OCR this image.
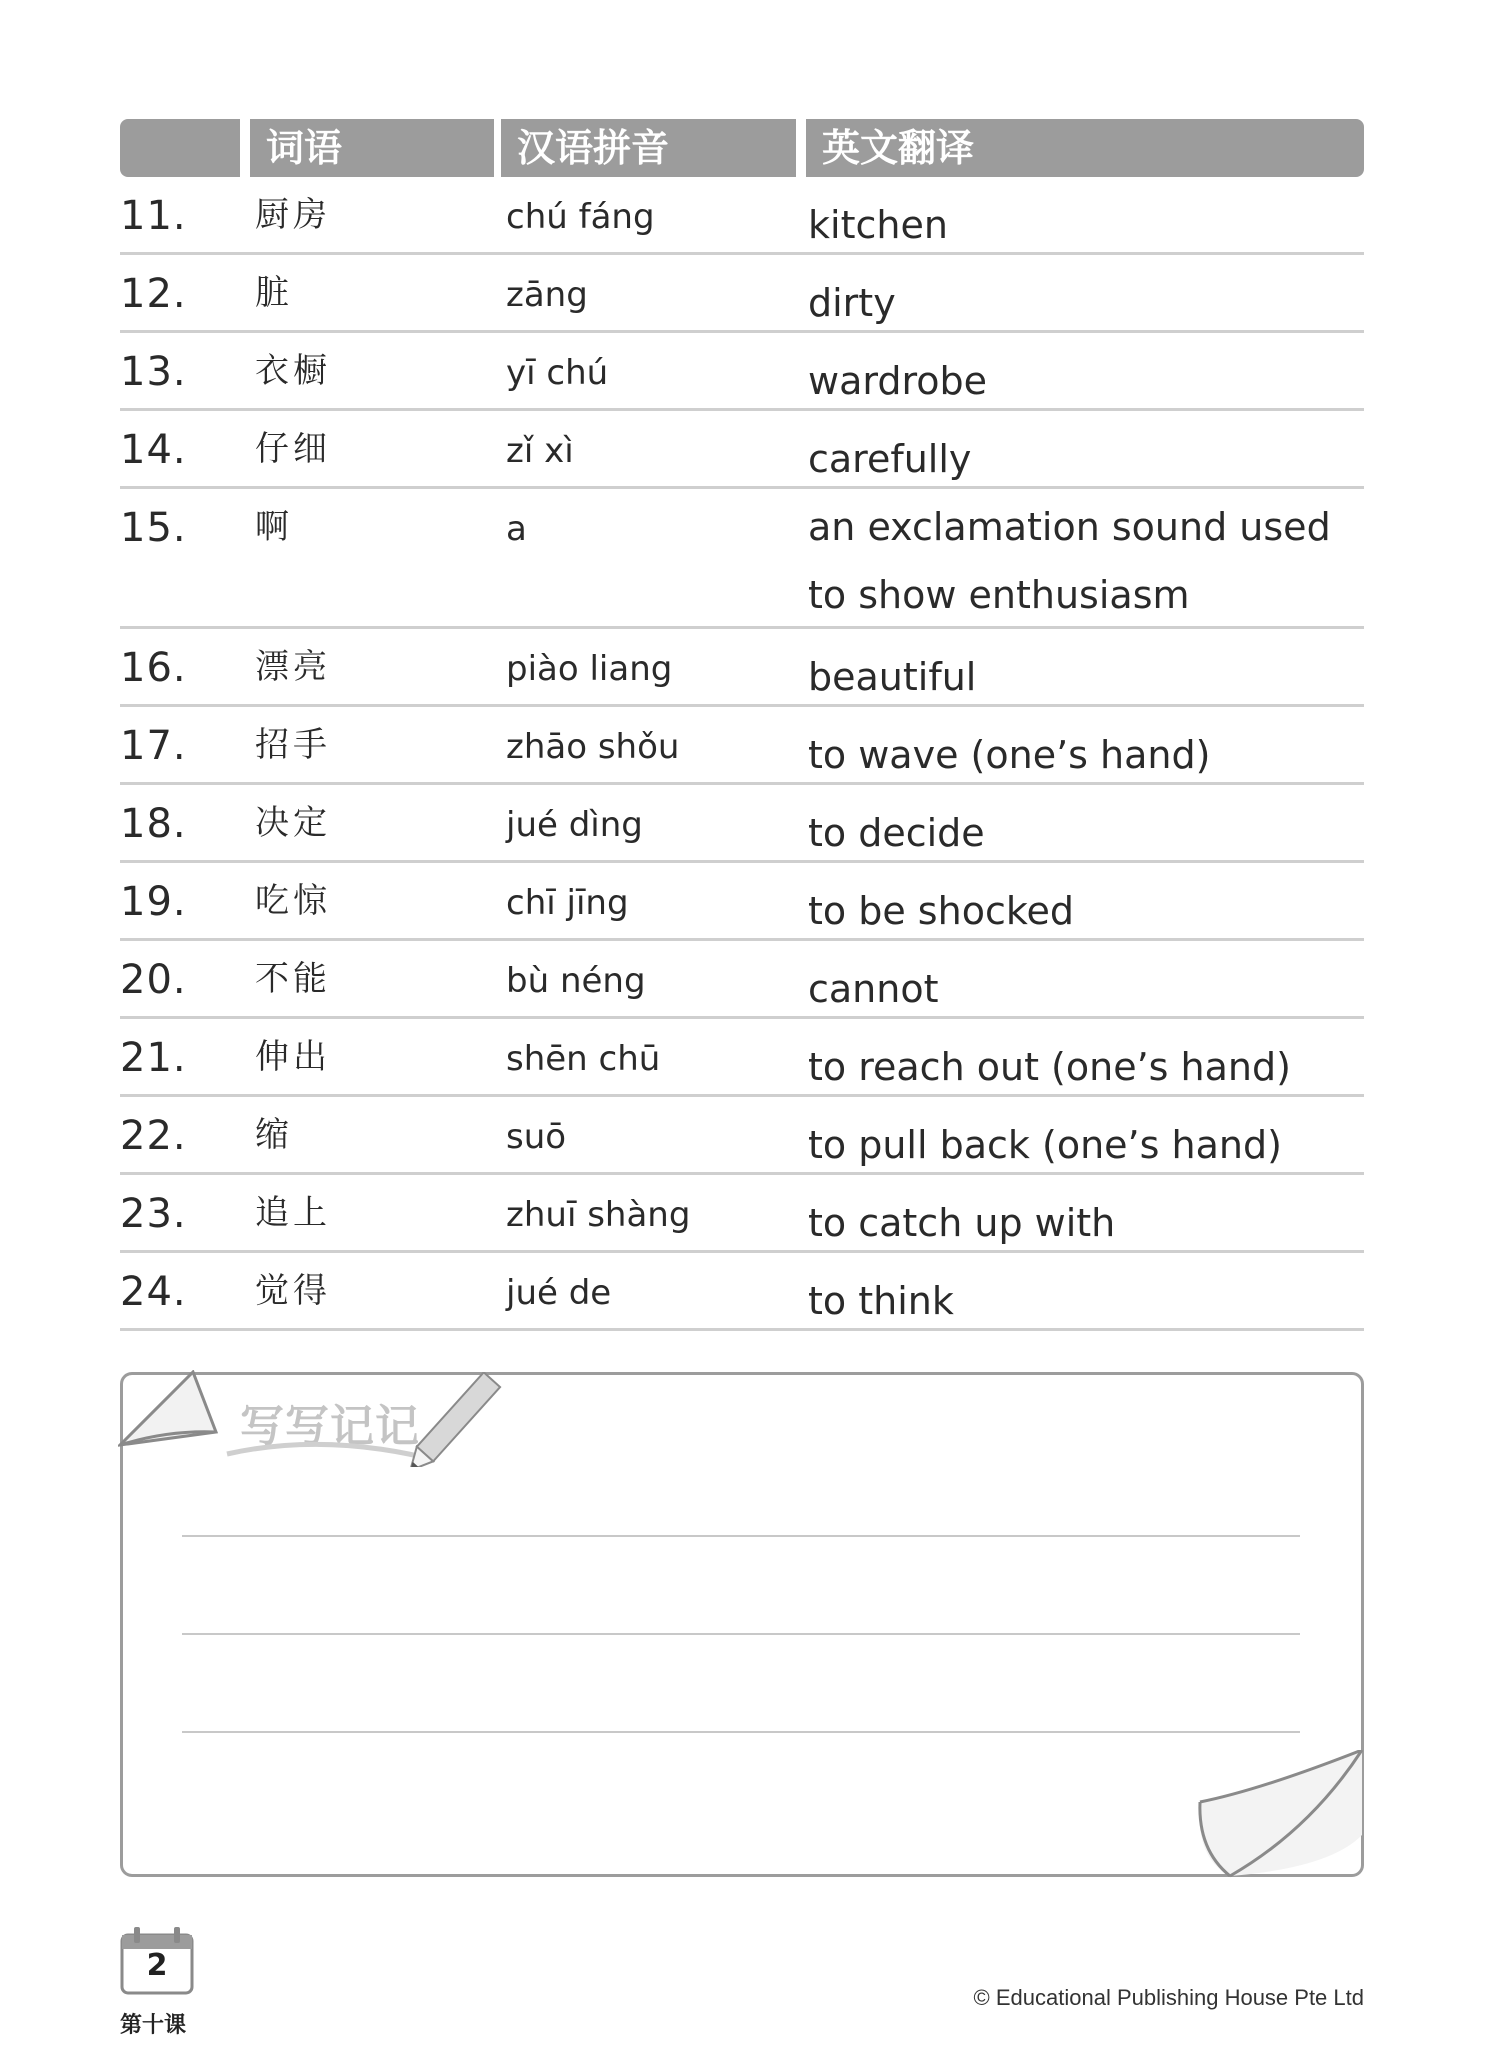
词语	汉语拼音	英文翻译
11. 厨房	chú fáng	kitchen
12. 脏	zāng	dirty
13. 衣橱	yī chú	wardrobe
14. 仔细	zǐ xì	carefully
15. 啊	a	an exclamation sound used to show enthusiasm
16. 漂亮	piào liang	beautiful
17. 招手	zhāo shǒu	to wave (one’s hand)
18. 决定	jué dìng	to decide
19. 吃惊	chī jīng	to be shocked
20. 不能	bù néng	cannot
21. 伸出	shēn chū	to reach out (one’s hand)
22. 缩	suō	to pull back (one’s hand)
23. 追上	zhuī shàng	to catch up with
24. 觉得	jué de	to think
写写记记
2
第十课
© Educational Publishing House Pte Ltd
